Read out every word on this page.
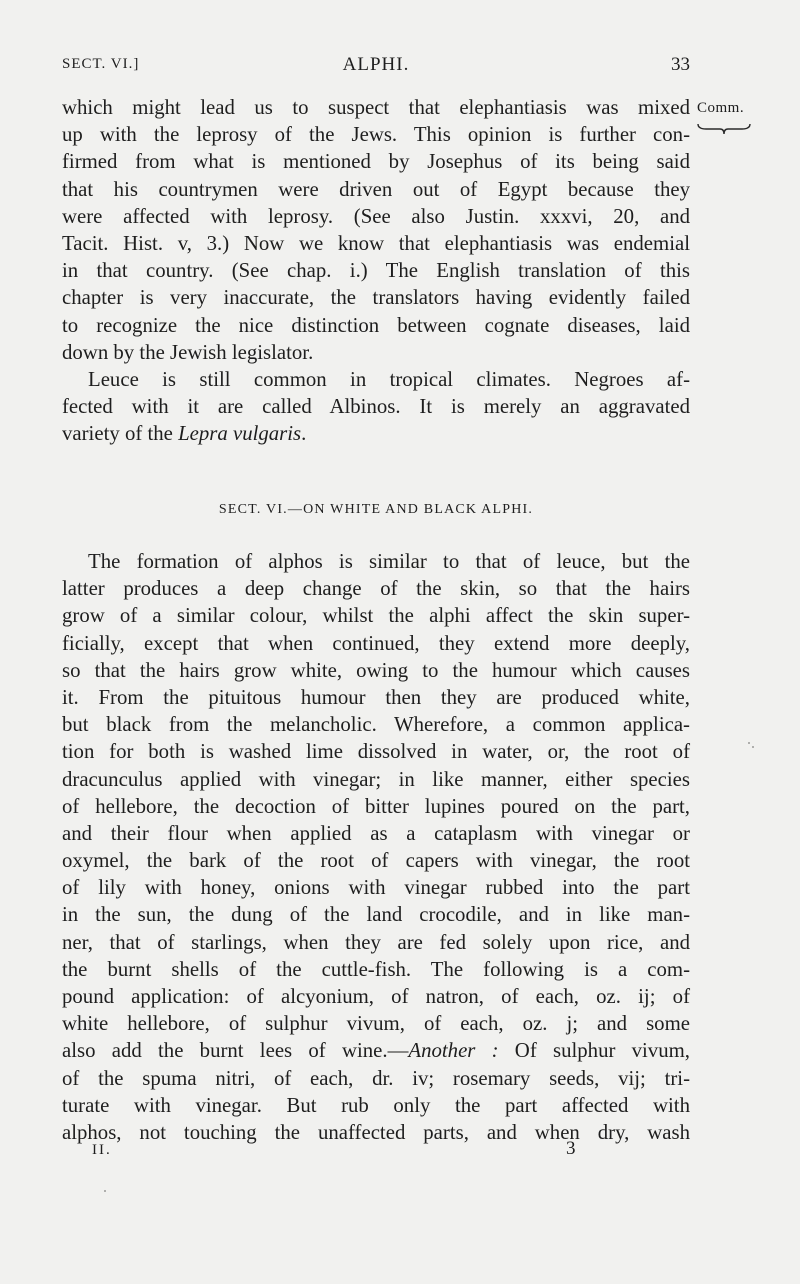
SECT. VI.]	ALPHI.	33
Comm.
which might lead us to suspect that elephantiasis was mixed
up with the leprosy of the Jews. This opinion is further con-
firmed from what is mentioned by Josephus of its being said
that his countrymen were driven out of Egypt because they
were affected with leprosy. (See also Justin. xxxvi, 20, and
Tacit. Hist. v, 3.) Now we know that elephantiasis was endemial
in that country. (See chap. i.) The English translation of this
chapter is very inaccurate, the translators having evidently failed
to recognize the nice distinction between cognate diseases, laid
down by the Jewish legislator.
Leuce is still common in tropical climates. Negroes af-
fected with it are called Albinos. It is merely an aggravated
variety of the Lepra vulgaris.
SECT. VI.—ON WHITE AND BLACK ALPHI.
The formation of alphos is similar to that of leuce, but the
latter produces a deep change of the skin, so that the hairs
grow of a similar colour, whilst the alphi affect the skin super-
ficially, except that when continued, they extend more deeply,
so that the hairs grow white, owing to the humour which causes
it. From the pituitous humour then they are produced white,
but black from the melancholic. Wherefore, a common applica-
tion for both is washed lime dissolved in water, or, the root of
dracunculus applied with vinegar; in like manner, either species
of hellebore, the decoction of bitter lupines poured on the part,
and their flour when applied as a cataplasm with vinegar or
oxymel, the bark of the root of capers with vinegar, the root
of lily with honey, onions with vinegar rubbed into the part
in the sun, the dung of the land crocodile, and in like man-
ner, that of starlings, when they are fed solely upon rice, and
the burnt shells of the cuttle-fish. The following is a com-
pound application: of alcyonium, of natron, of each, oz. ij; of
white hellebore, of sulphur vivum, of each, oz. j; and some
also add the burnt lees of wine.—Another : Of sulphur vivum,
of the spuma nitri, of each, dr. iv; rosemary seeds, vij; tri-
turate with vinegar. But rub only the part affected with
alphos, not touching the unaffected parts, and when dry, wash
II.	3
